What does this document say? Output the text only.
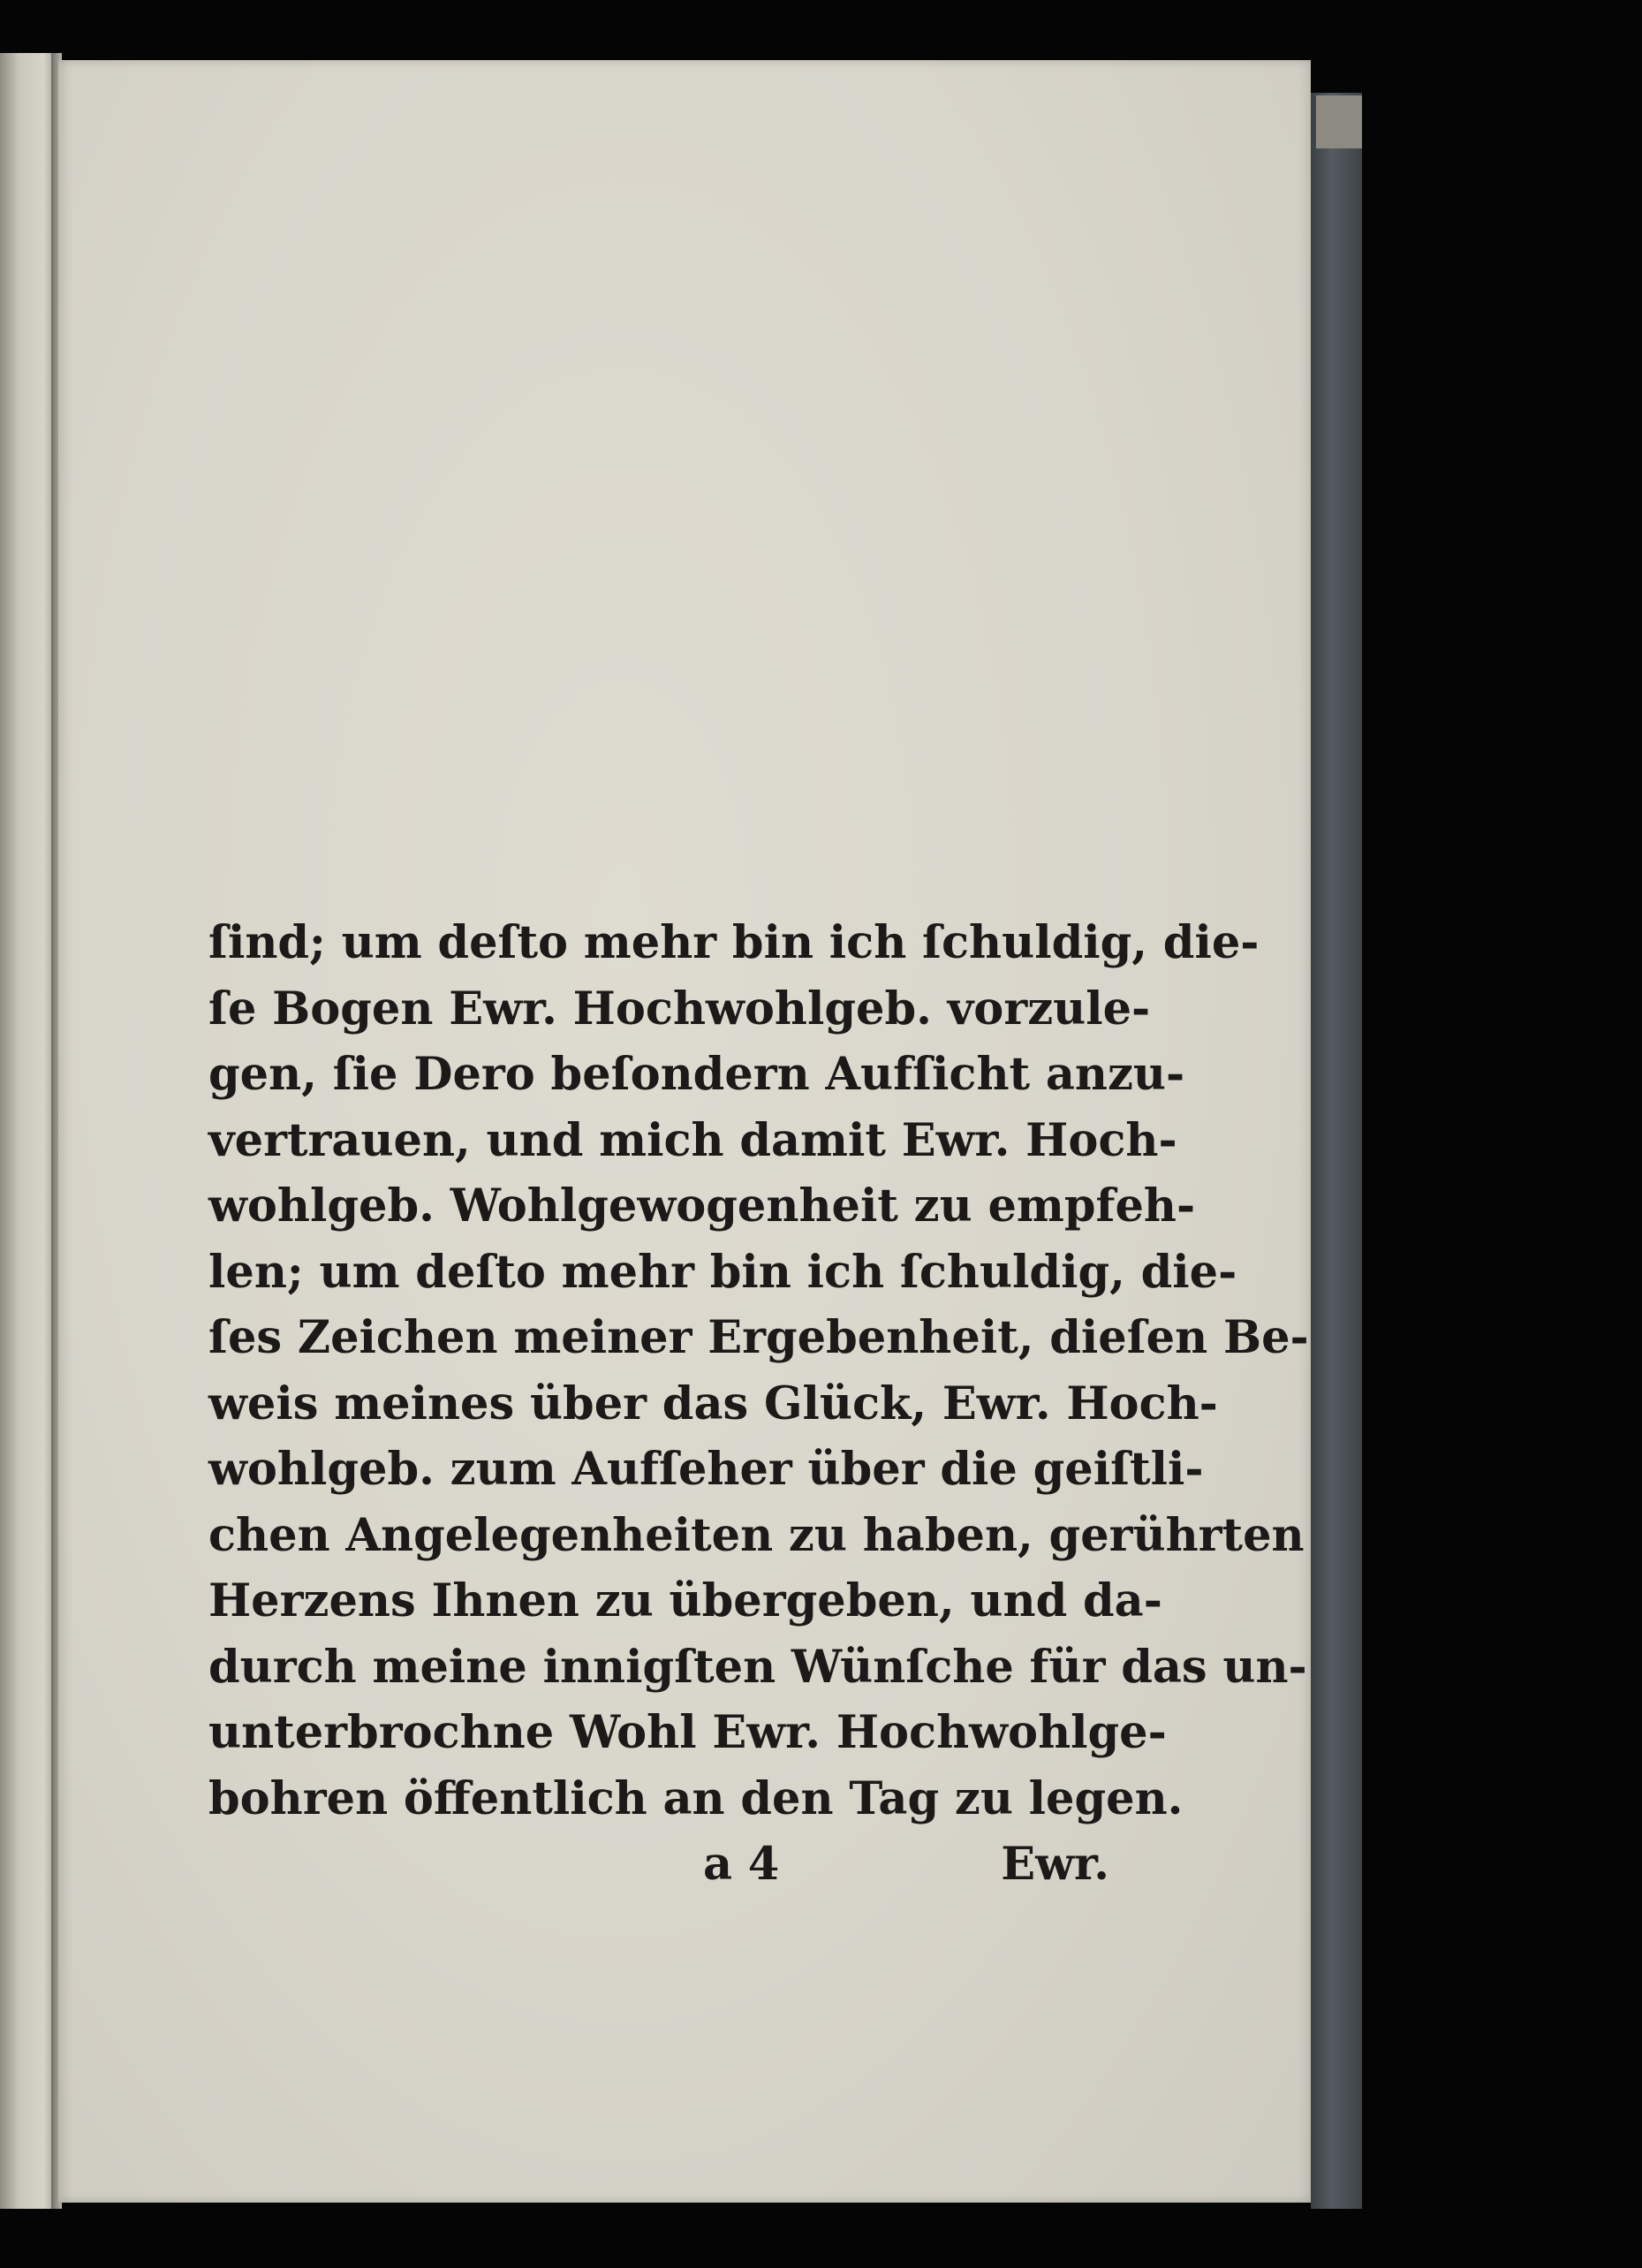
ſind; um deſto mehr bin ich ſchuldig, die-
ſe Bogen Ewr. Hochwohlgeb. vorzule-
gen, ſie Dero beſondern Aufſicht anzu-
vertrauen, und mich damit Ewr. Hoch-
wohlgeb. Wohlgewogenheit zu empfeh-
len; um deſto mehr bin ich ſchuldig, die-
ſes Zeichen meiner Ergebenheit, dieſen Be-
weis meines über das Glück, Ewr. Hoch-
wohlgeb. zum Aufſeher über die geiſtli-
chen Angelegenheiten zu haben, gerührten
Herzens Ihnen zu übergeben, und da-
durch meine innigſten Wünſche für das un-
unterbrochne Wohl Ewr. Hochwohlge-
bohren öffentlich an den Tag zu legen.
a 4	Ewr.
